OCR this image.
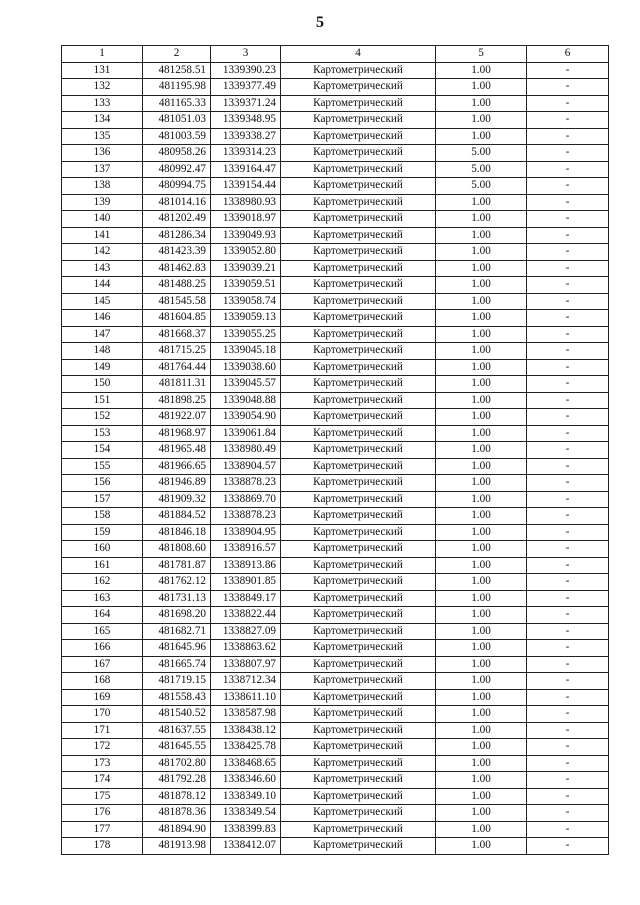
5
1	2	3	4	5	6
131	481258.51	1339390.23	Картометрический	1.00	-
132	481195.98	1339377.49	Картометрический	1.00	-
133	481165.33	1339371.24	Картометрический	1.00	-
134	481051.03	1339348.95	Картометрический	1.00	-
135	481003.59	1339338.27	Картометрический	1.00	-
136	480958.26	1339314.23	Картометрический	5.00	-
137	480992.47	1339164.47	Картометрический	5.00	-
138	480994.75	1339154.44	Картометрический	5.00	-
139	481014.16	1338980.93	Картометрический	1.00	-
140	481202.49	1339018.97	Картометрический	1.00	-
141	481286.34	1339049.93	Картометрический	1.00	-
142	481423.39	1339052.80	Картометрический	1.00	-
143	481462.83	1339039.21	Картометрический	1.00	-
144	481488.25	1339059.51	Картометрический	1.00	-
145	481545.58	1339058.74	Картометрический	1.00	-
146	481604.85	1339059.13	Картометрический	1.00	-
147	481668.37	1339055.25	Картометрический	1.00	-
148	481715.25	1339045.18	Картометрический	1.00	-
149	481764.44	1339038.60	Картометрический	1.00	-
150	481811.31	1339045.57	Картометрический	1.00	-
151	481898.25	1339048.88	Картометрический	1.00	-
152	481922.07	1339054.90	Картометрический	1.00	-
153	481968.97	1339061.84	Картометрический	1.00	-
154	481965.48	1338980.49	Картометрический	1.00	-
155	481966.65	1338904.57	Картометрический	1.00	-
156	481946.89	1338878.23	Картометрический	1.00	-
157	481909.32	1338869.70	Картометрический	1.00	-
158	481884.52	1338878.23	Картометрический	1.00	-
159	481846.18	1338904.95	Картометрический	1.00	-
160	481808.60	1338916.57	Картометрический	1.00	-
161	481781.87	1338913.86	Картометрический	1.00	-
162	481762.12	1338901.85	Картометрический	1.00	-
163	481731.13	1338849.17	Картометрический	1.00	-
164	481698.20	1338822.44	Картометрический	1.00	-
165	481682.71	1338827.09	Картометрический	1.00	-
166	481645.96	1338863.62	Картометрический	1.00	-
167	481665.74	1338807.97	Картометрический	1.00	-
168	481719.15	1338712.34	Картометрический	1.00	-
169	481558.43	1338611.10	Картометрический	1.00	-
170	481540.52	1338587.98	Картометрический	1.00	-
171	481637.55	1338438.12	Картометрический	1.00	-
172	481645.55	1338425.78	Картометрический	1.00	-
173	481702.80	1338468.65	Картометрический	1.00	-
174	481792.28	1338346.60	Картометрический	1.00	-
175	481878.12	1338349.10	Картометрический	1.00	-
176	481878.36	1338349.54	Картометрический	1.00	-
177	481894.90	1338399.83	Картометрический	1.00	-
178	481913.98	1338412.07	Картометрический	1.00	-
